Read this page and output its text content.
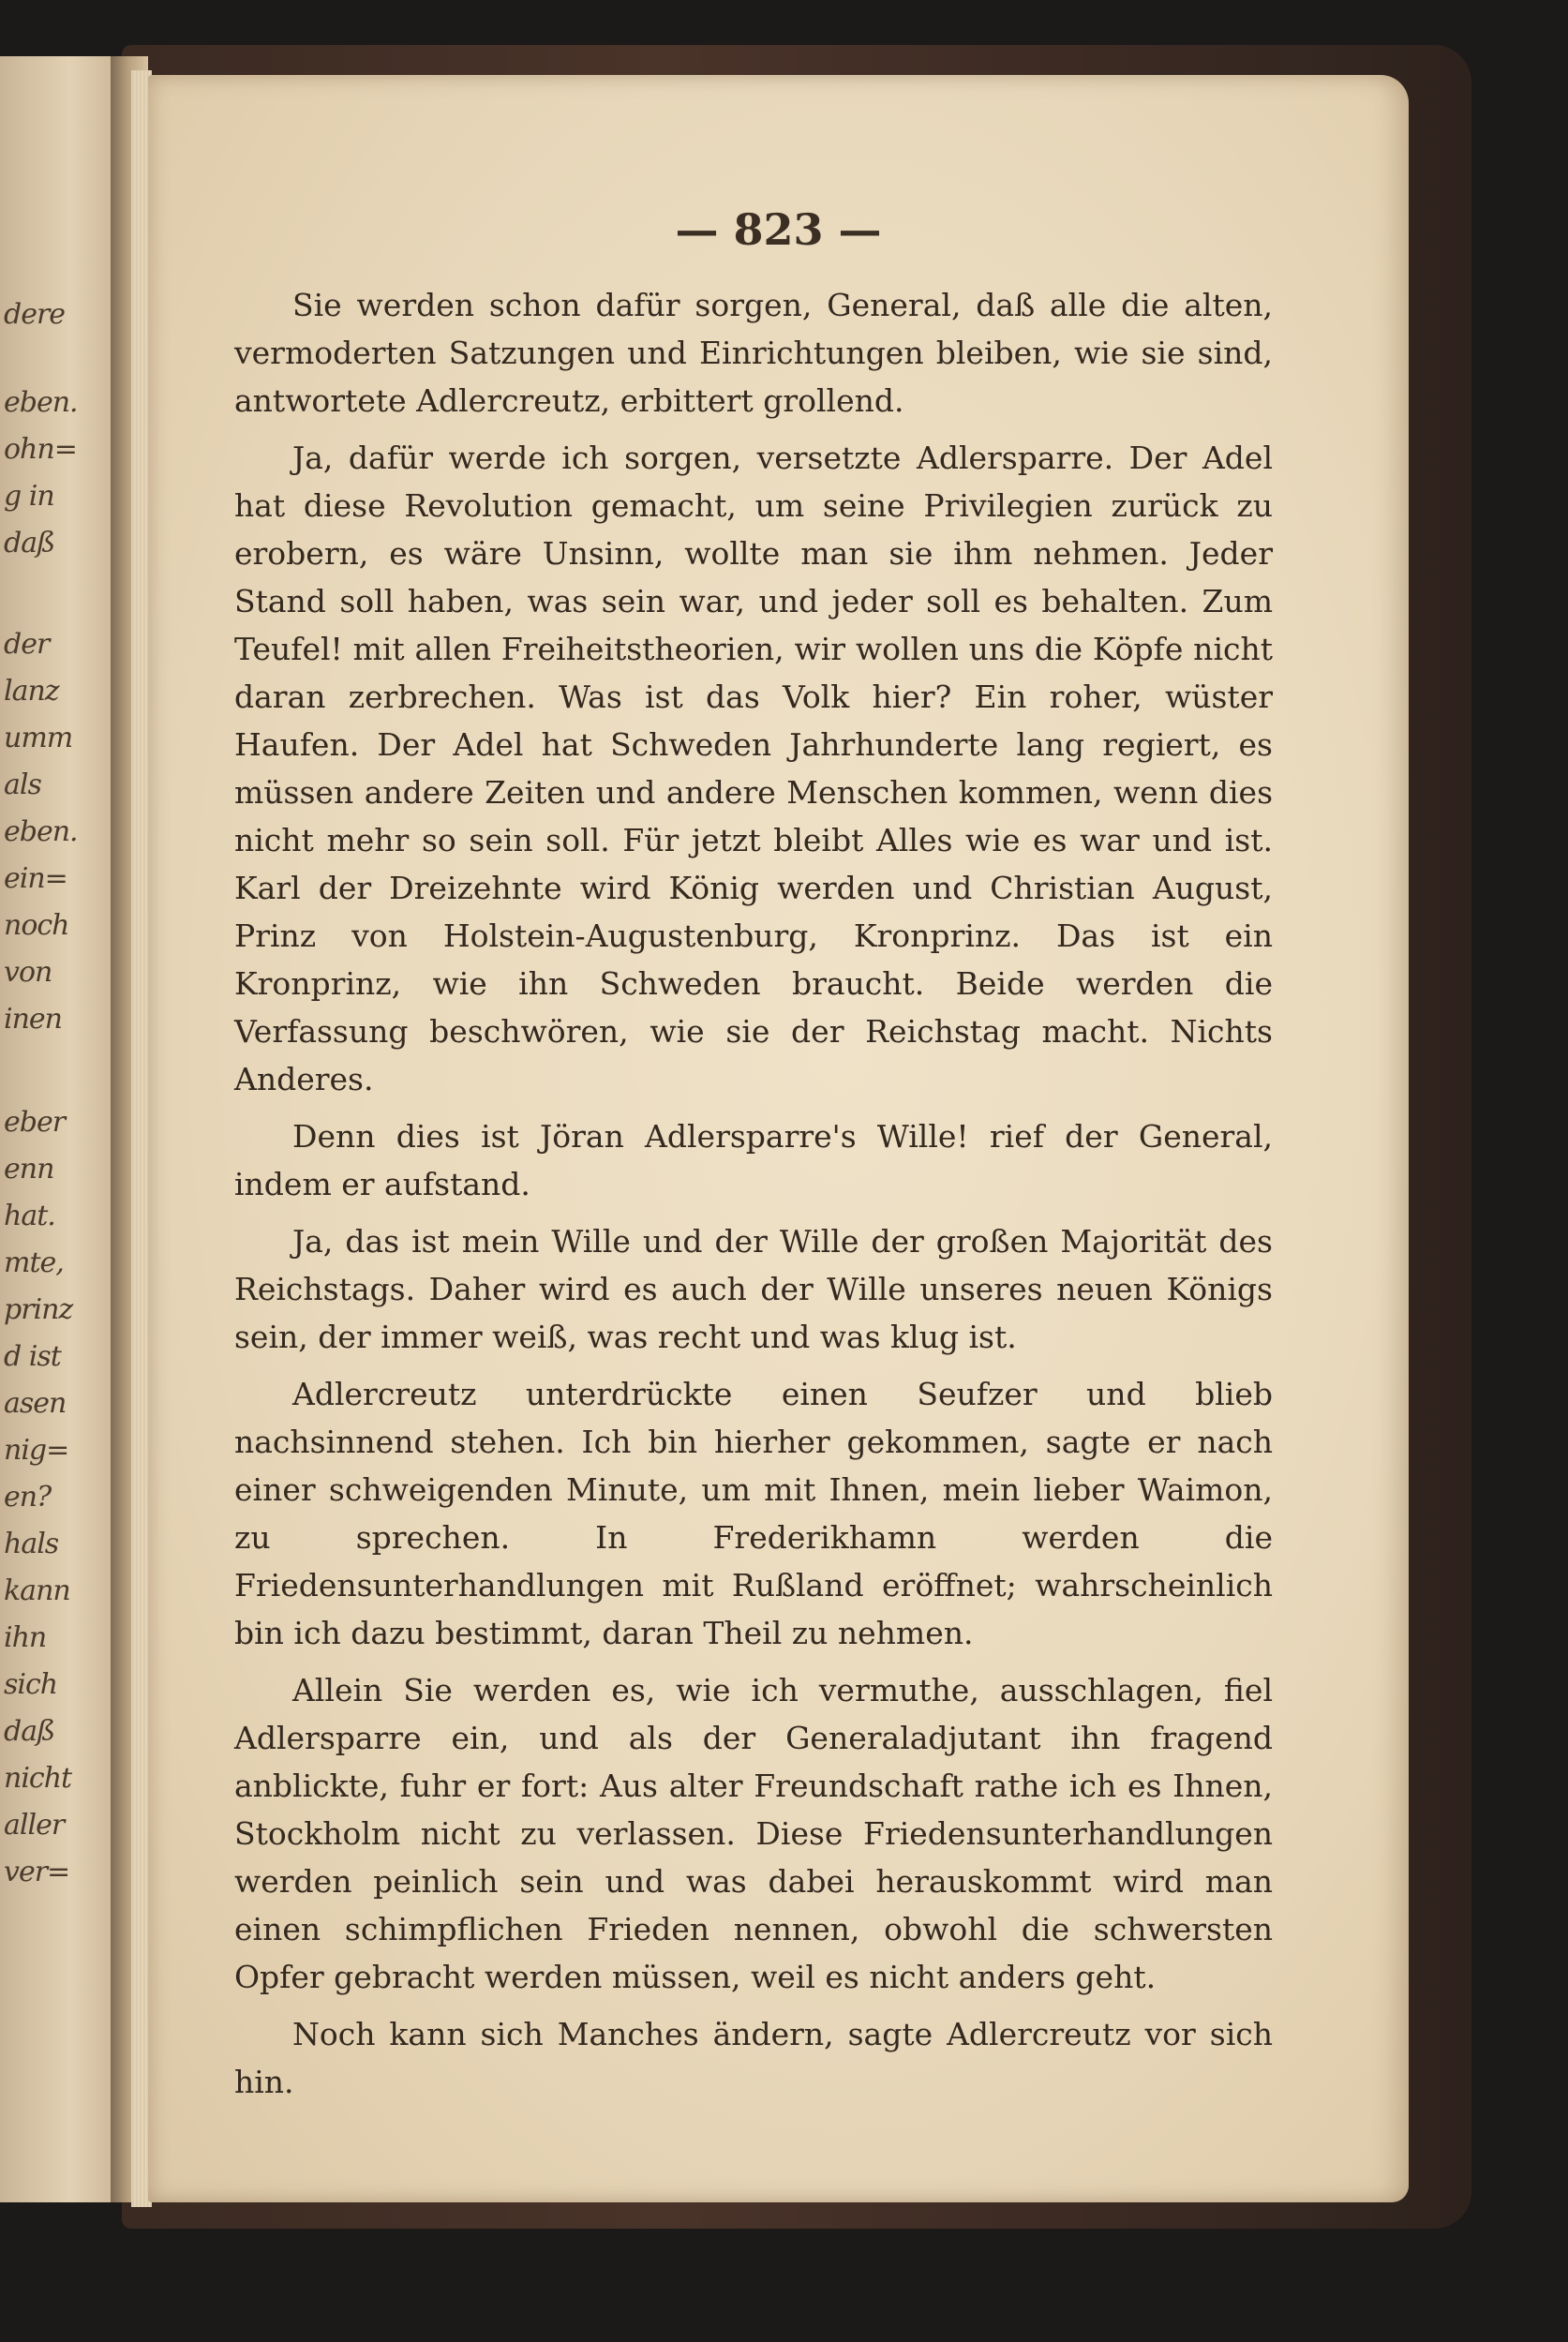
dere
eben.
ohn=
g in
daß
der
lanz
umm
als
eben.
ein=
noch
von
inen
eber
enn
hat.
mte,
prinz
d ist
asen
nig=
en?
hals
kann
ihn
sich
daß
nicht
aller
ver=
— 823 —

Sie werden schon dafür sorgen, General, daß alle die alten, vermoderten Satzungen und Einrichtungen bleiben, wie sie sind, antwortete Adlercreutz, erbittert grollend.

Ja, dafür werde ich sorgen, versetzte Adlersparre. Der Adel hat diese Revolution gemacht, um seine Privilegien zurück zu erobern, es wäre Unsinn, wollte man sie ihm nehmen. Jeder Stand soll haben, was sein war, und jeder soll es behalten. Zum Teufel! mit allen Freiheitstheorien, wir wollen uns die Köpfe nicht daran zerbrechen. Was ist das Volk hier? Ein roher, wüster Haufen. Der Adel hat Schweden Jahrhunderte lang regiert, es müssen andere Zeiten und andere Menschen kommen, wenn dies nicht mehr so sein soll. Für jetzt bleibt Alles wie es war und ist. Karl der Dreizehnte wird König werden und Christian August, Prinz von Holstein-Augustenburg, Kronprinz. Das ist ein Kronprinz, wie ihn Schweden braucht. Beide werden die Verfassung beschwören, wie sie der Reichstag macht. Nichts Anderes.

Denn dies ist Jöran Adlersparre's Wille! rief der General, indem er aufstand.

Ja, das ist mein Wille und der Wille der großen Majorität des Reichstags. Daher wird es auch der Wille unseres neuen Königs sein, der immer weiß, was recht und was klug ist.

Adlercreutz unterdrückte einen Seufzer und blieb nachsinnend stehen. Ich bin hierher gekommen, sagte er nach einer schweigenden Minute, um mit Ihnen, mein lieber Waimon, zu sprechen. In Frederikhamn werden die Friedensunterhandlungen mit Rußland eröffnet; wahrscheinlich bin ich dazu bestimmt, daran Theil zu nehmen.

Allein Sie werden es, wie ich vermuthe, ausschlagen, fiel Adlersparre ein, und als der Generaladjutant ihn fragend anblickte, fuhr er fort: Aus alter Freundschaft rathe ich es Ihnen, Stockholm nicht zu verlassen. Diese Friedensunterhandlungen werden peinlich sein und was dabei herauskommt wird man einen schimpflichen Frieden nennen, obwohl die schwersten Opfer gebracht werden müssen, weil es nicht anders geht.

Noch kann sich Manches ändern, sagte Adlercreutz vor sich hin.
